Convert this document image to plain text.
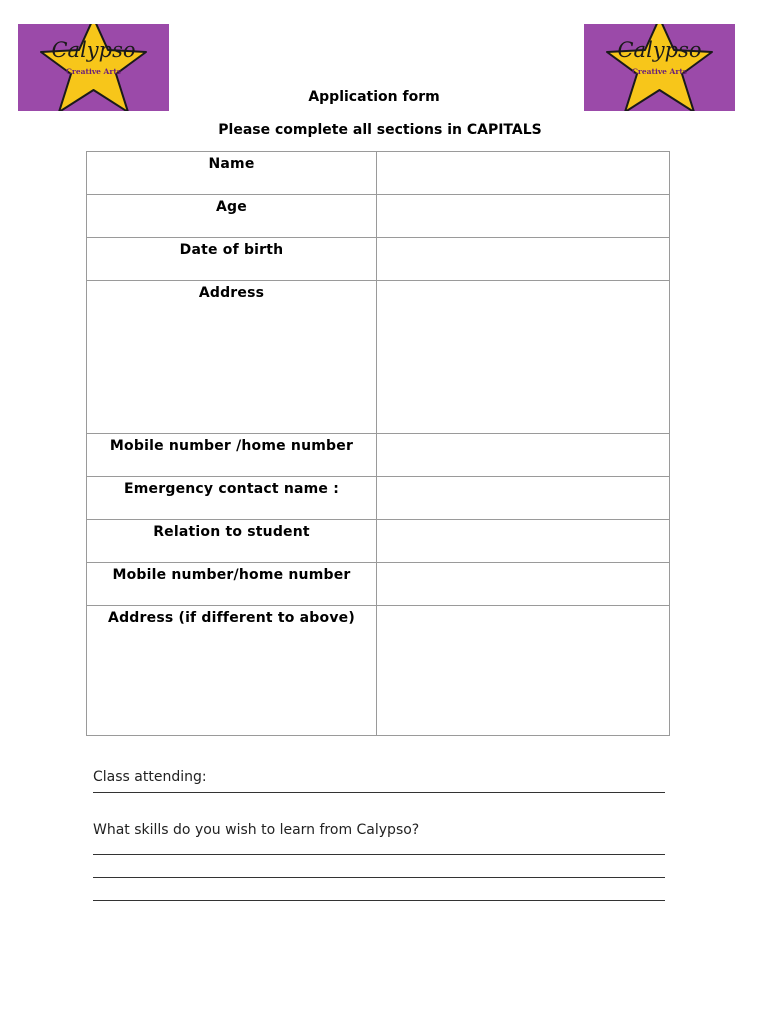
Calypso
Creative Arts
Calypso
Creative Arts
Application form
Please complete all sections in CAPITALS
Name	
Age	
Date of birth	
Address	
Mobile number /home number	
Emergency contact name :	
Relation to student	
Mobile number/home number	
Address (if different to above)	
Class attending:
What skills do you wish to learn from Calypso?
